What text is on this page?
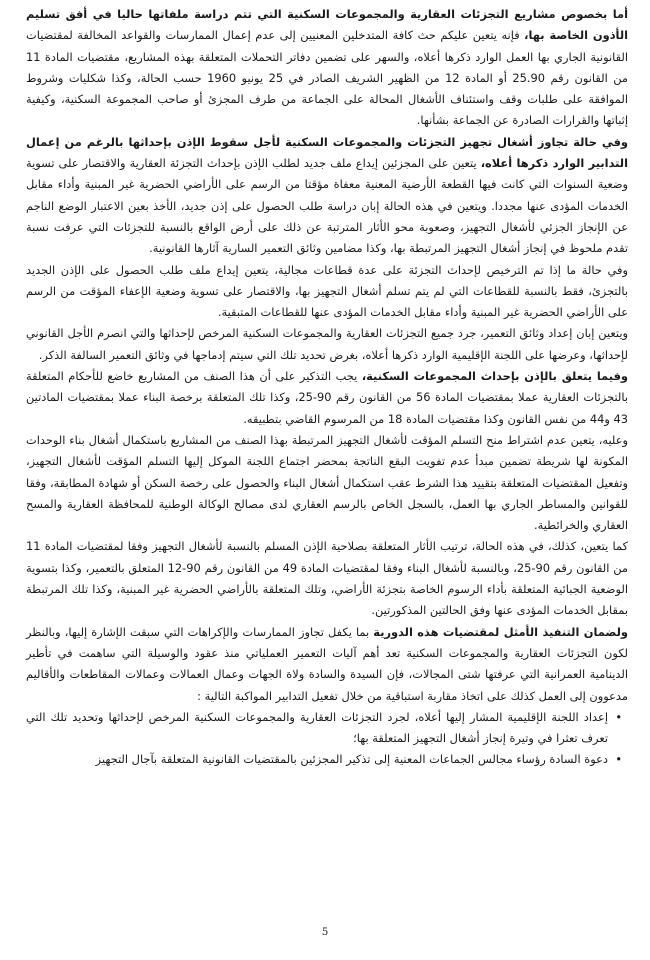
أما بخصوص مشاريع التجزئات العقارية والمجموعات السكنية التي تتم دراسة ملفاتها حاليا في أفق تسليم الأذون الخاصة بها، فإنه يتعين عليكم حث كافة المتدخلين المعنيين إلى عدم إعمال الممارسات والقواعد المخالفة لمقتضيات القانونية الجاري بها العمل الوارد ذكرها أعلاه، والسهر على تضمين دفاتر التحملات المتعلقة بهذه المشاريع، مقتضيات المادة 11 من القانون رقم 25.90 أو المادة 12 من الظهير الشريف الصادر في 25 يونيو 1960 حسب الحالة، وكذا شكليات وشروط الموافقة على طلبات وقف واستئناف الأشغال المحالة على الجماعة من طرف المجزئ أو صاحب المجموعة السكنية، وكيفية إثباتها والقرارات الصادرة عن الجماعة بشأنها.

وفي حالة تجاوز أشغال تجهيز التجزئات والمجموعات السكنية لأجل سقوط الإذن بإحداثها بالرغم من إعمال التدابير الوارد ذكرها أعلاه، يتعين على المجزئين إيداع ملف جديد لطلب الإذن بإحداث التجزئة العقارية والاقتصار على تسوية وضعية السنوات التي كانت فيها القطعة الأرضية المعنية معفاة مؤقتا من الرسم على الأراضي الحضرية غير المبنية وأداء مقابل الخدمات المؤدى عنها مجددا. ويتعين في هذه الحالة إبان دراسة طلب الحصول على إذن جديد، الأخذ بعين الاعتبار الوضع الناجم عن الإنجاز الجزئي لأشغال التجهيز، وصعوبة محو الأثار المترتبة عن ذلك على أرض الواقع بالنسبة للتجزئات التي عرفت نسبة تقدم ملحوظ في إنجاز أشغال التجهيز المرتبطة بها، وكذا مضامين وثائق التعمير السارية آثارها القانونية.

وفي حالة ما إذا تم الترخيص لإحداث التجزئة على عدة قطاعات مجالية، يتعين إيداع ملف طلب الحصول على الإذن الجديد بالتجزئ، فقط بالنسبة للقطاعات التي لم يتم تسلم أشغال التجهيز بها، والاقتصار على تسوية وضعية الإعفاء المؤقت من الرسم على الأراضي الحضرية غير المبنية وأداء مقابل الخدمات المؤدى عنها للقطاعات المتبقية.

ويتعين إبان إعداد وثائق التعمير، جرد جميع التجزئات العقارية والمجموعات السكنية المرخص لإحداثها والتي انصرم الأجل القانوني لإحداثها، وعرضها على اللجنة الإقليمية الوارد ذكرها أعلاه، بغرض تحديد تلك التي سيتم إدماجها في وثائق التعمير السالفة الذكر.

وفيما يتعلق بالإذن بإحداث المجموعات السكنية، يجب التذكير على أن هذا الصنف من المشاريع خاضع للأحكام المتعلقة بالتجزئات العقارية عملا بمقتضيات المادة 56 من القانون رقم 90-25، وكذا تلك المتعلقة برخصة البناء عملا بمقتضيات المادتين 43 و44 من نفس القانون وكذا مقتضيات المادة 18 من المرسوم القاضي بتطبيقه.

وعليه، يتعين عدم اشتراط منح التسلم المؤقت لأشغال التجهيز المرتبطة بهذا الصنف من المشاريع باستكمال أشغال بناء الوحدات المكونة لها شريطة تضمين مبدأ عدم تفويت البقع الناتجة بمحضر اجتماع اللجنة الموكل إليها التسلم المؤقت لأشغال التجهيز، وتفعيل المقتضيات المتعلقة بتقييد هذا الشرط عقب استكمال أشغال البناء والحصول على رخصة السكن أو شهادة المطابقة، وفقا للقوانين والمساطر الجاري بها العمل، بالسجل الخاص بالرسم العقاري لدى مصالح الوكالة الوطنية للمحافظة العقارية والمسح العقاري والخرائطية.

كما يتعين، كذلك، في هذه الحالة، ترتيب الأثار المتعلقة بصلاحية الإذن المسلم بالنسبة لأشغال التجهيز وفقا لمقتضيات المادة 11 من القانون رقم 90-25، وبالنسبة لأشغال البناء وفقا لمقتضيات المادة 49 من القانون رقم 90-12 المتعلق بالتعمير، وكذا بتسوية الوضعية الجبائية المتعلقة بأداء الرسوم الخاصة بتجزئة الأراضي، وتلك المتعلقة بالأراضي الحضرية غير المبنية، وكذا تلك المرتبطة بمقابل الخدمات المؤدى عنها وفق الحالتين المذكورتين.

ولضمان التنفيذ الأمثل لمقتضيات هذه الدورية بما يكفل تجاوز الممارسات والإكراهات التي سبقت الإشارة إليها، وبالنظر لكون التجزئات العقارية والمجموعات السكنية تعد أهم آليات التعمير العملياتي منذ عقود والوسيلة التي ساهمت في تأطير الدينامية العمرانية التي عرفتها شتى المجالات، فإن السيدة والسادة ولاة الجهات وعمال العمالات وعمالات المقاطعات والأقاليم مدعوون إلى العمل كذلك على اتخاذ مقاربة استباقية من خلال تفعيل التدابير المواكبة التالية :

•
إعداد اللجنة الإقليمية المشار إليها أعلاه، لجرد التجزئات العقارية والمجموعات السكنية المرخص لإحداثها وتحديد تلك التي تعرف تعثرا في وتيرة إنجاز أشغال التجهيز المتعلقة بها؛
•
دعوة السادة رؤساء مجالس الجماعات المعنية إلى تذكير المجزئين بالمقتضيات القانونية المتعلقة بآجال التجهيز
5
